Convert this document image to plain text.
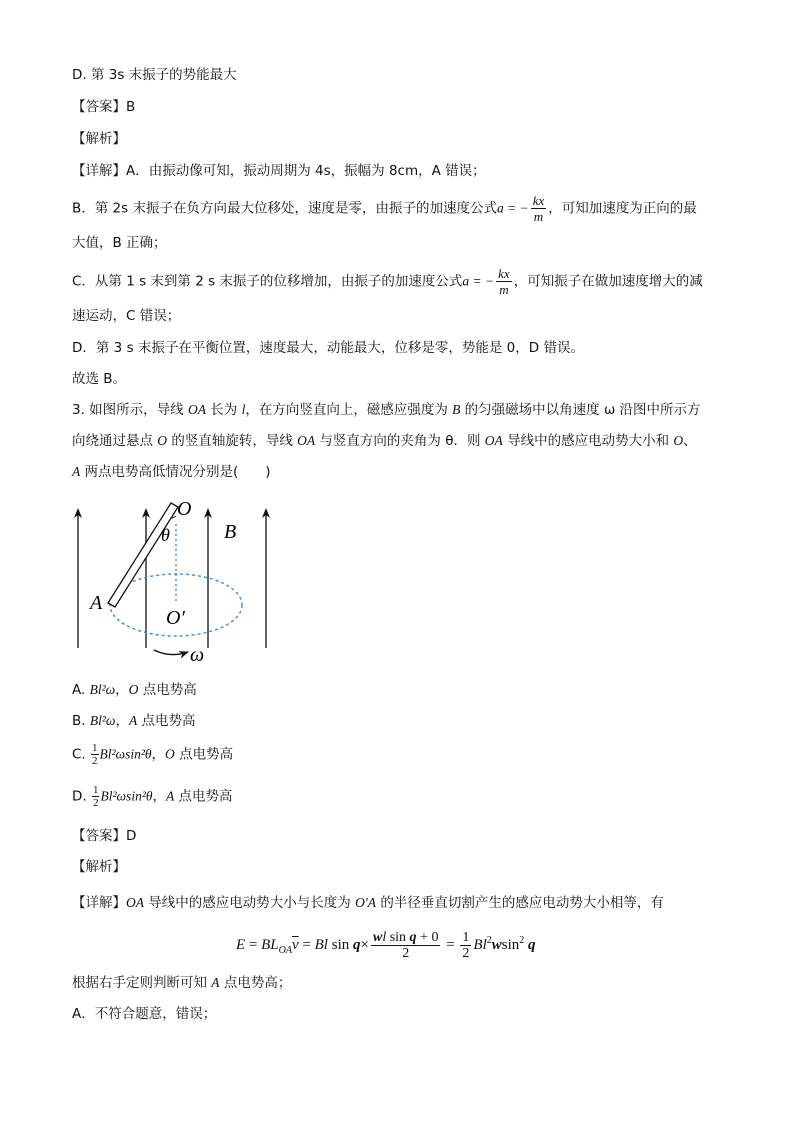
D. 第 3s 末振子的势能最大
【答案】B
【解析】
【详解】A．由振动像可知，振动周期为 4s，振幅为 8cm，A 错误；
B．第 2s 末振子在负方向最大位移处，速度是零，由振子的加速度公式a = − $\frac{kx}{m}$ ，可知加速度为正向的最
大值，B 正确；
C．从第 1 s 末到第 2 s 末振子的位移增加，由振子的加速度公式a = − $\frac{kx}{m}$ ，可知振子在做加速度增大的减
速运动，C 错误；
D．第 3 s 末振子在平衡位置，速度最大，动能最大，位移是零，势能是 0，D 错误。
故选 B。
3. 如图所示，导线 OA 长为 l，在方向竖直向上，磁感应强度为 B 的匀强磁场中以角速度 ω 沿图中所示方
向绕通过悬点 O 的竖直轴旋转，导线 OA 与竖直方向的夹角为 θ．则 OA 导线中的感应电动势大小和 O、
A 两点电势高低情况分别是(　　)
O
θ	B
A
O′
ω
A. Bl²ω，O 点电势高
B. Bl²ω，A 点电势高
C. $\frac{1}{2} Bl^2\omega\sin^2\theta$，O 点电势高
D. $\frac{1}{2} Bl^2\omega\sin^2\theta$，A 点电势高
【答案】D
【解析】
【详解】OA 导线中的感应电动势大小与长度为 O′A 的半径垂直切割产生的感应电动势大小相等，有
$E = BL_{OA}\overline{v} = Bl$ $\sin q\times \frac{\text{wl sin q + 0}}{2} = \frac{1}{2} Bl^2wsin^2$ q
根据右手定则判断可知 A 点电势高；
A．不符合题意，错误；
